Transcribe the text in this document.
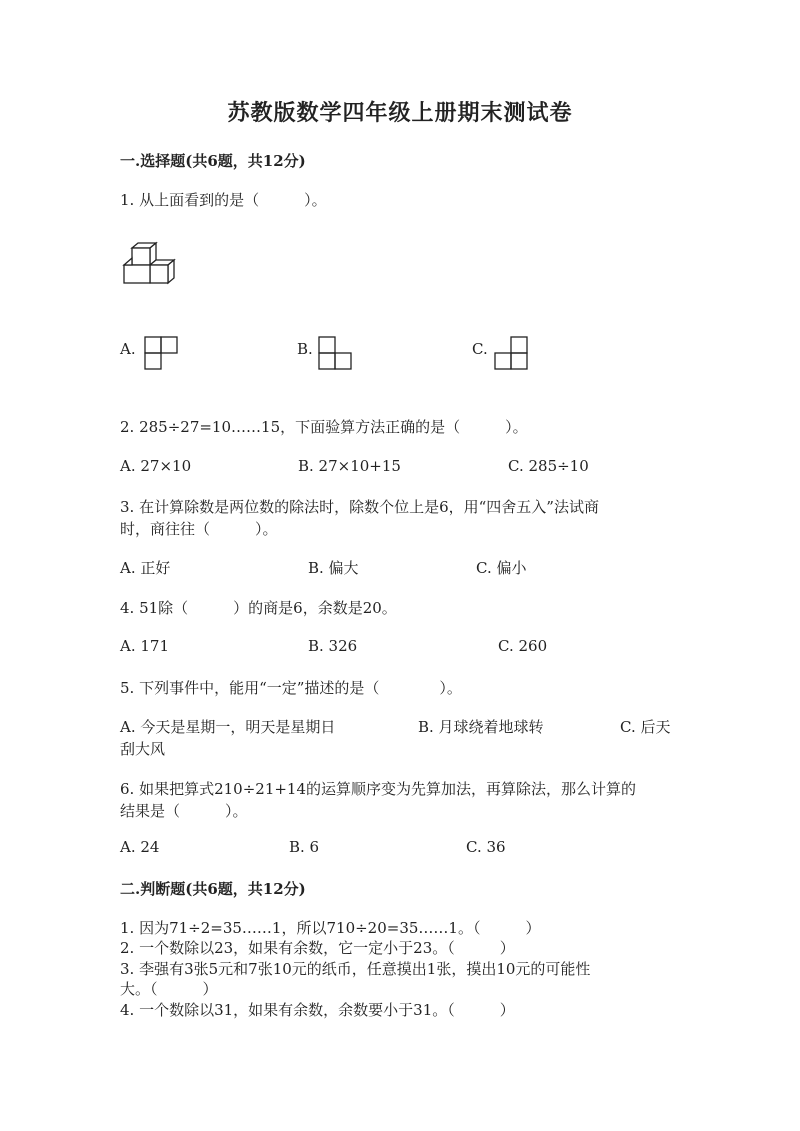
苏教版数学四年级上册期末测试卷
一.选择题(共6题，共12分)
1. 从上面看到的是（　　　）。
A.	B.	C.
2. 285÷27=10……15，下面验算方法正确的是（　　　）。
A. 27×10	B. 27×10+15	C. 285÷10
3. 在计算除数是两位数的除法时，除数个位上是6，用“四舍五入”法试商
时，商往往（　　　）。
A. 正好	B. 偏大	C. 偏小
4. 51除（　　　）的商是6，余数是20。
A. 171	B. 326	C. 260
5. 下列事件中，能用“一定”描述的是（　　　　）。
A. 今天是星期一，明天是星期日	B. 月球绕着地球转	C. 后天
刮大风
6. 如果把算式210÷21+14的运算顺序变为先算加法，再算除法，那么计算的
结果是（　　　）。
A. 24	B. 6	C. 36
二.判断题(共6题，共12分)
1. 因为71÷2=35……1，所以710÷20=35……1。（　　　）
2. 一个数除以23，如果有余数，它一定小于23。（　　　）
3. 李强有3张5元和7张10元的纸币，任意摸出1张，摸出10元的可能性
大。（　　　）
4. 一个数除以31，如果有余数，余数要小于31。（　　　）
